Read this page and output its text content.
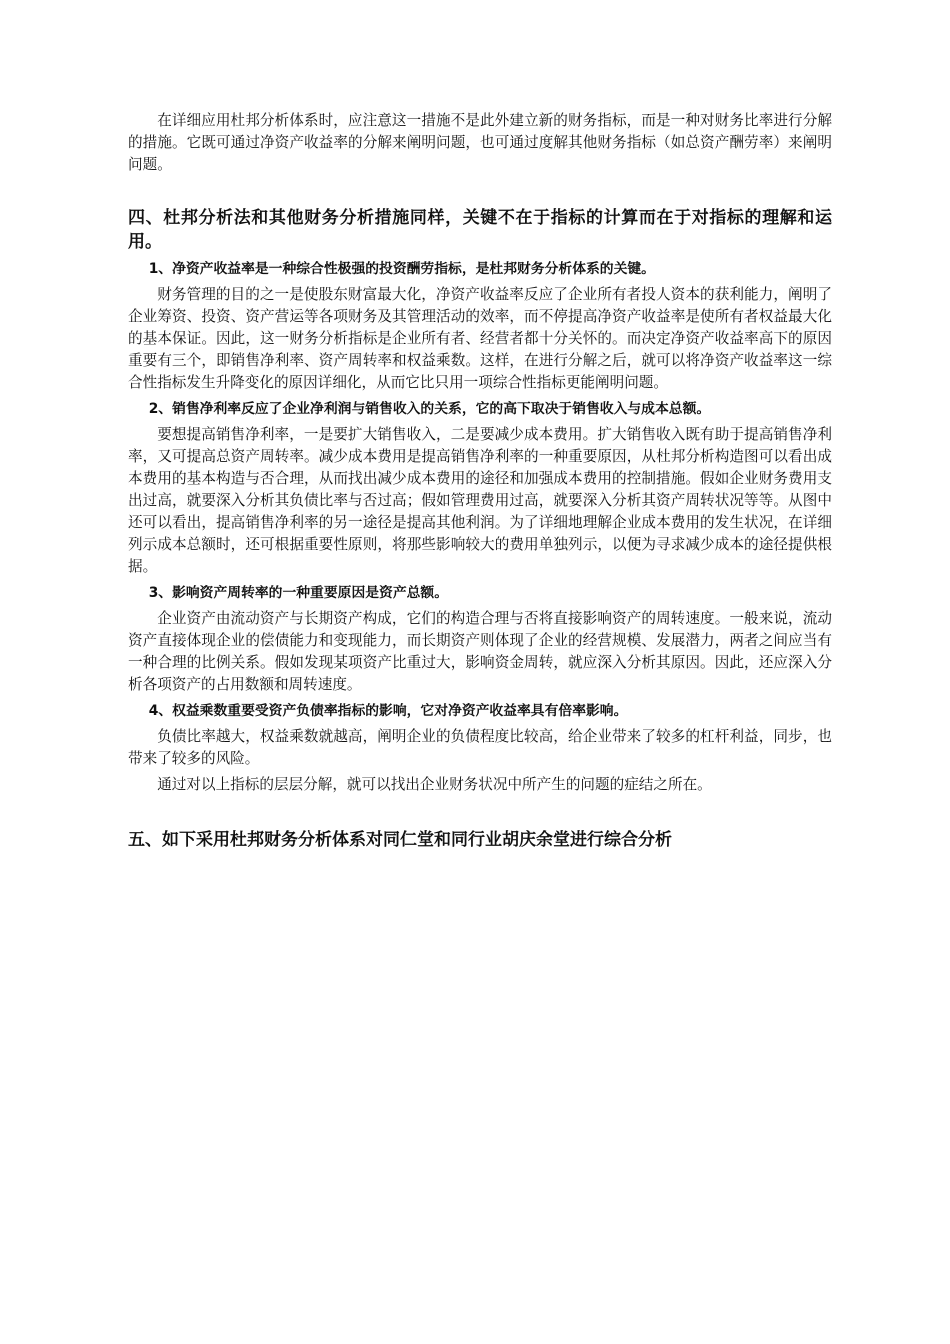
在详细应用杜邦分析体系时，应注意这一措施不是此外建立新的财务指标，而是一种对财务比率进行分解的措施。它既可通过净资产收益率的分解来阐明问题，也可通过度解其他财务指标（如总资产酬劳率）来阐明问题。

四、杜邦分析法和其他财务分析措施同样，关键不在于指标的计算而在于对指标的理解和运用。
1、净资产收益率是一种综合性极强的投资酬劳指标，是杜邦财务分析体系的关键。

财务管理的目的之一是使股东财富最大化，净资产收益率反应了企业所有者投人资本的获利能力，阐明了企业筹资、投资、资产营运等各项财务及其管理活动的效率，而不停提高净资产收益率是使所有者权益最大化的基本保证。因此，这一财务分析指标是企业所有者、经营者都十分关怀的。而决定净资产收益率高下的原因重要有三个，即销售净利率、资产周转率和权益乘数。这样，在进行分解之后，就可以将净资产收益率这一综合性指标发生升降变化的原因详细化，从而它比只用一项综合性指标更能阐明问题。

2、销售净利率反应了企业净利润与销售收入的关系，它的高下取决于销售收入与成本总额。

要想提高销售净利率，一是要扩大销售收入，二是要减少成本费用。扩大销售收入既有助于提高销售净利率，又可提高总资产周转率。减少成本费用是提高销售净利率的一种重要原因，从杜邦分析构造图可以看出成本费用的基本构造与否合理，从而找出减少成本费用的途径和加强成本费用的控制措施。假如企业财务费用支出过高，就要深入分析其负债比率与否过高；假如管理费用过高，就要深入分析其资产周转状况等等。从图中还可以看出，提高销售净利率的另一途径是提高其他利润。为了详细地理解企业成本费用的发生状况，在详细列示成本总额时，还可根据重要性原则，将那些影响较大的费用单独列示，以便为寻求减少成本的途径提供根据。

3、影响资产周转率的一种重要原因是资产总额。

企业资产由流动资产与长期资产构成，它们的构造合理与否将直接影响资产的周转速度。一般来说，流动资产直接体现企业的偿债能力和变现能力，而长期资产则体现了企业的经营规模、发展潜力，两者之间应当有一种合理的比例关系。假如发现某项资产比重过大，影响资金周转，就应深入分析其原因。因此，还应深入分析各项资产的占用数额和周转速度。

4、权益乘数重要受资产负债率指标的影响，它对净资产收益率具有倍率影响。

负债比率越大，权益乘数就越高，阐明企业的负债程度比较高，给企业带来了较多的杠杆利益，同步，也带来了较多的风险。

通过对以上指标的层层分解，就可以找出企业财务状况中所产生的问题的症结之所在。

五、如下采用杜邦财务分析体系对同仁堂和同行业胡庆余堂进行综合分析
